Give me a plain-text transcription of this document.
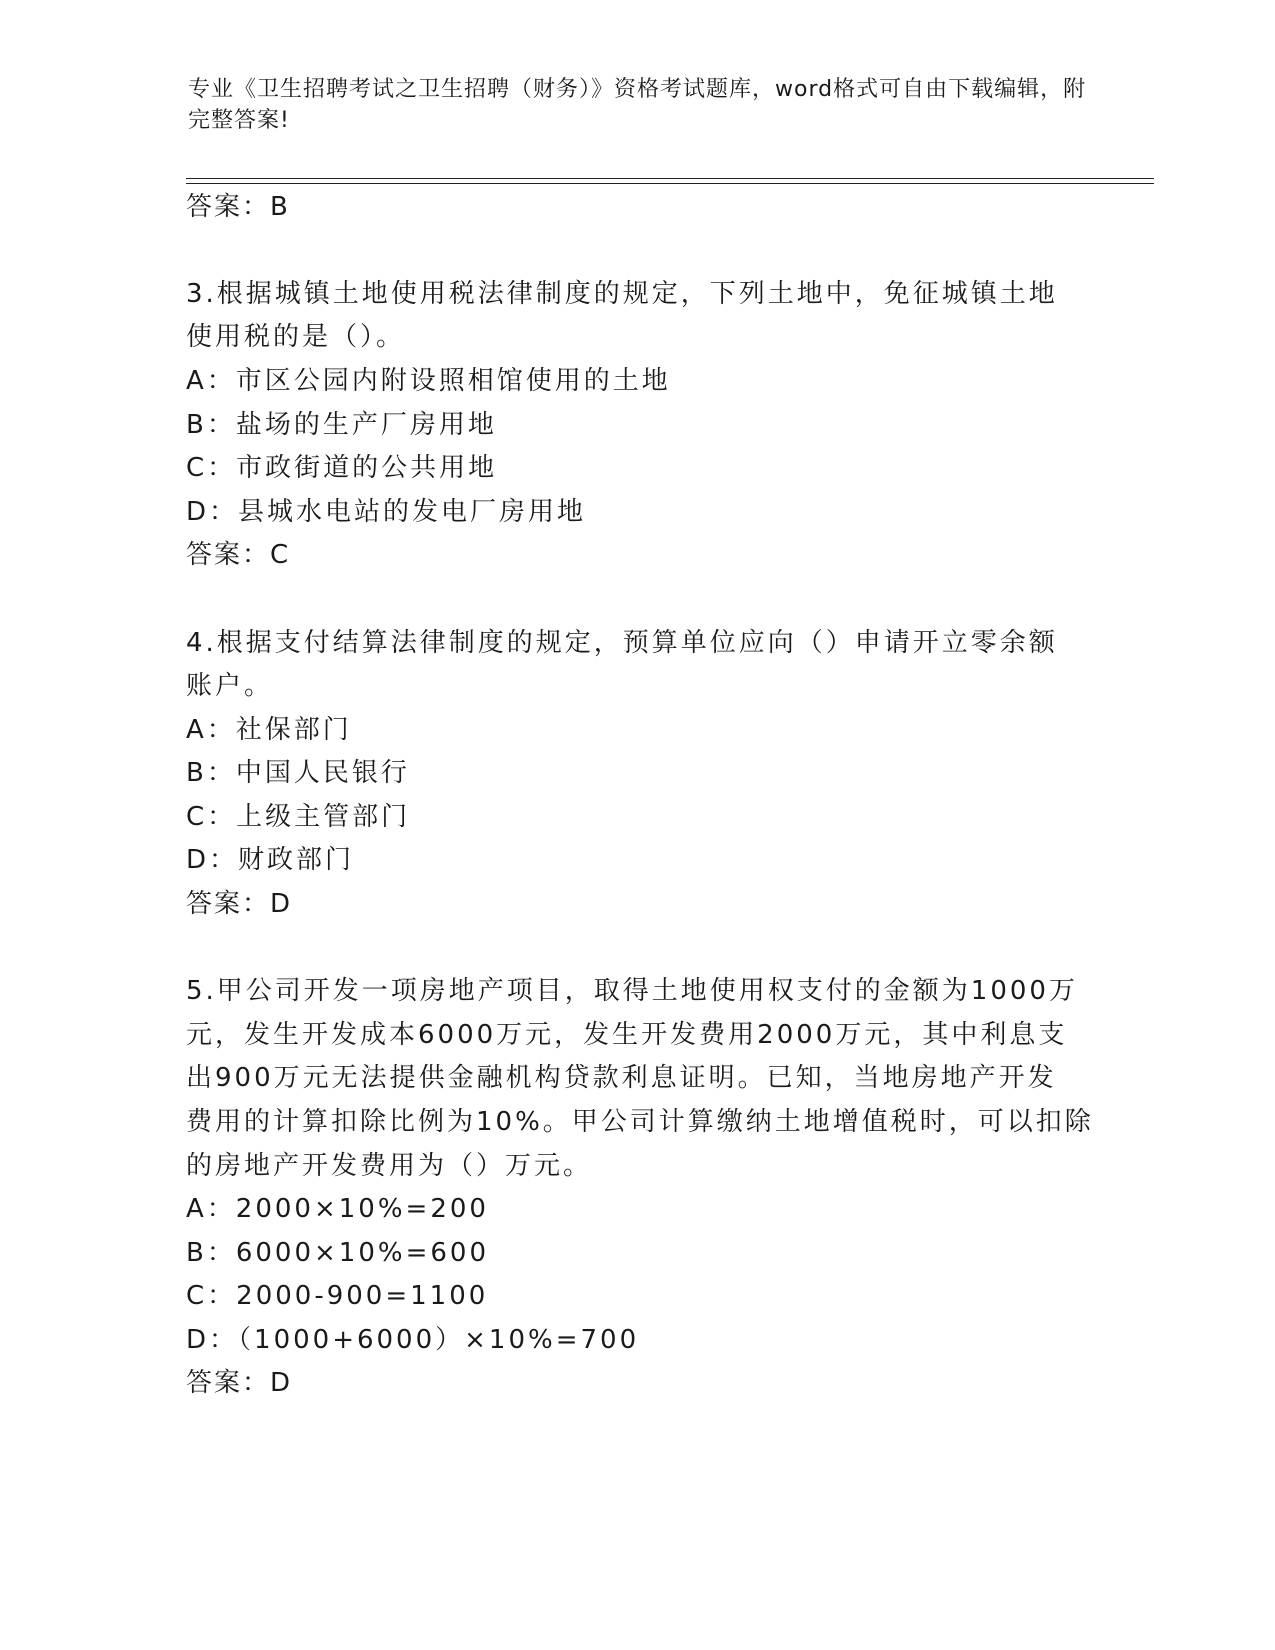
专业《卫生招聘考试之卫生招聘（财务）》资格考试题库，word格式可自由下载编辑，附完整答案!
答案：B
3.根据城镇土地使用税法律制度的规定，下列土地中，免征城镇土地
使用税的是（）。
A：市区公园内附设照相馆使用的土地
B：盐场的生产厂房用地
C：市政街道的公共用地
D：县城水电站的发电厂房用地
答案：C
4.根据支付结算法律制度的规定，预算单位应向（）申请开立零余额
账户。
A：社保部门
B：中国人民银行
C：上级主管部门
D：财政部门
答案：D
5.甲公司开发一项房地产项目，取得土地使用权支付的金额为1000万
元，发生开发成本6000万元，发生开发费用2000万元，其中利息支
出900万元无法提供金融机构贷款利息证明。已知，当地房地产开发
费用的计算扣除比例为10%。甲公司计算缴纳土地增值税时，可以扣除
的房地产开发费用为（）万元。
A：2000×10%=200
B：6000×10%=600
C：2000-900=1100
D：（1000+6000）×10%=700
答案：D
